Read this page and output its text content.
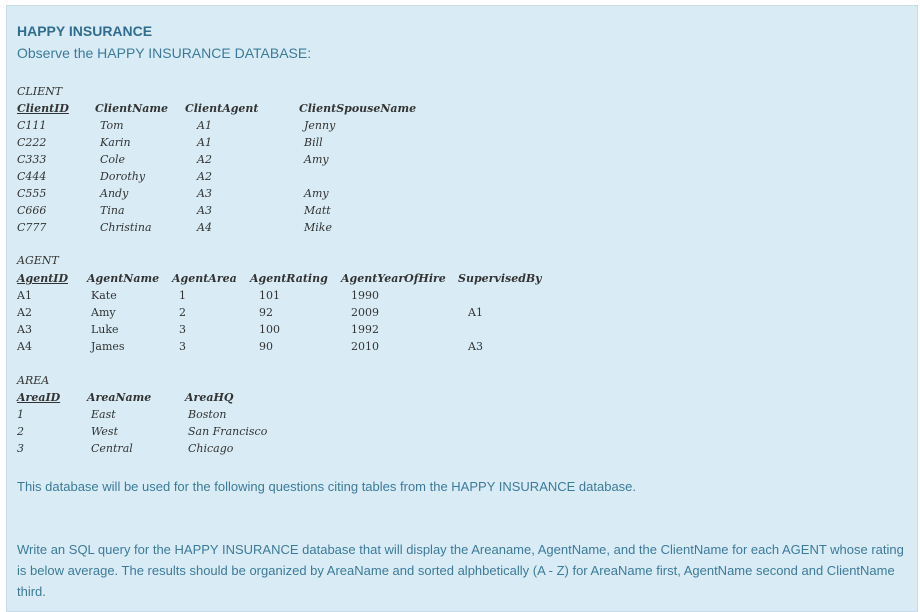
HAPPY INSURANCE

Observe the HAPPY INSURANCE DATABASE:

CLIENT
ClientID ClientName ClientAgent	ClientSpouseName
C111	Tom	A1	Jenny
C222	Karin	A1	Bill
C333	Cole	A2	Amy
C444	Dorothy	A2
C555	Andy	A3	Amy
C666	Tina	A3	Matt
C777	Christina	A4	Mike
AGENT
AgentID AgentName AgentArea AgentRating AgentYearOfHire SupervisedBy
A1	Kate	1	101	1990
A2	Amy	2	92	2009	A1
A3	Luke	3	100	1992
A4	James	3	90	2010	A3
AREA
AreaID AreaName	AreaHQ
1	East	Boston
2	West	San Francisco
3	Central	Chicago

This database will be used for the following questions citing tables from the HAPPY INSURANCE database.

Write an SQL query for the HAPPY INSURANCE database that will display the Areaname, AgentName, and the ClientName for each AGENT whose rating is below average. The results should be organized by AreaName and sorted alphbetically (A - Z) for AreaName first, AgentName second and ClientName third.
